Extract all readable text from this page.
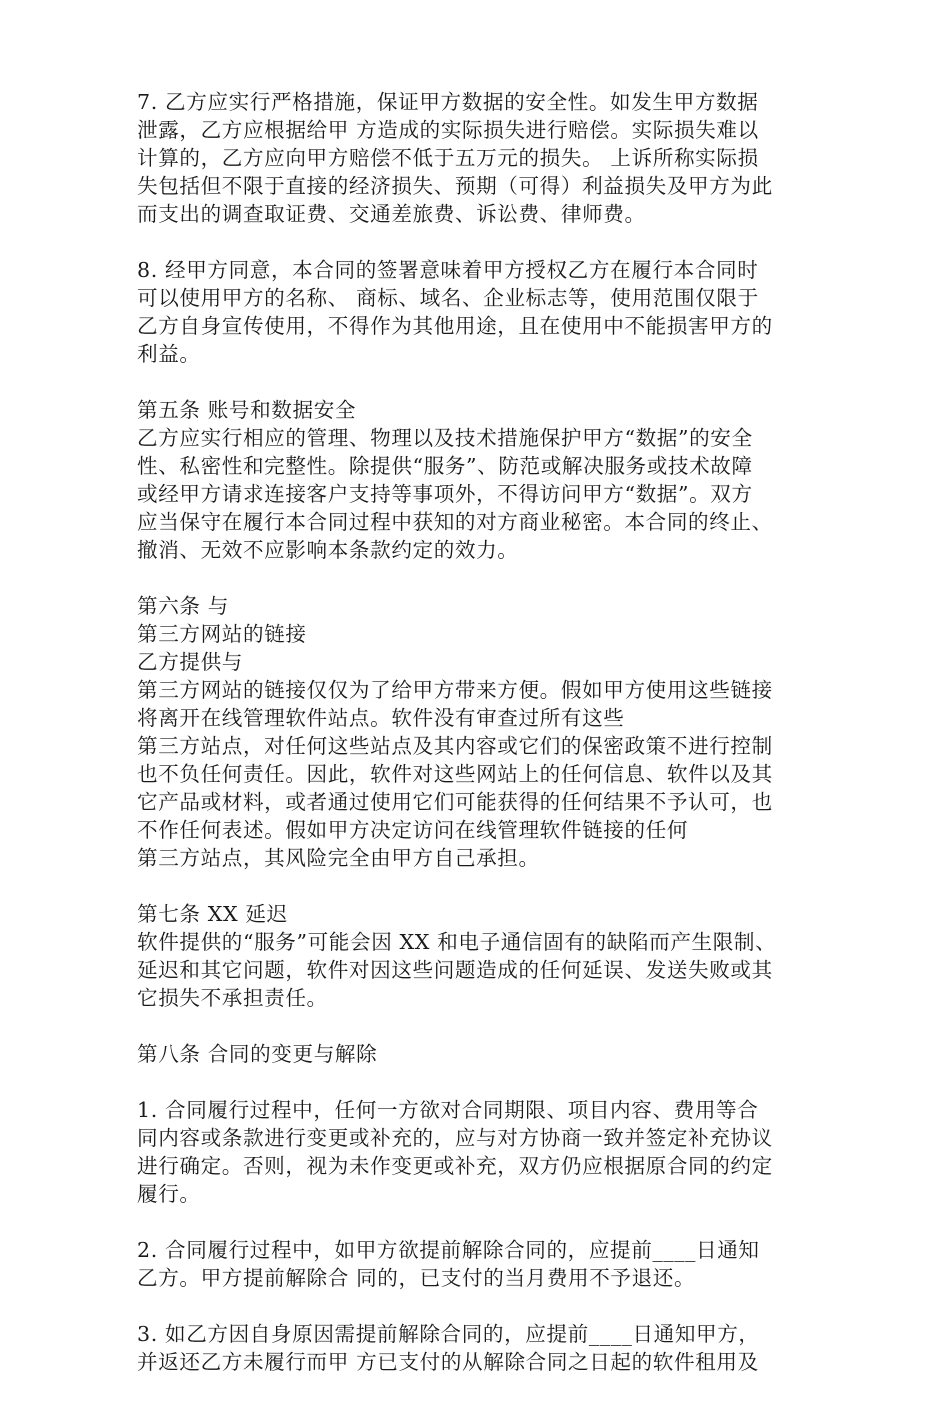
7. 乙方应实行严格措施，保证甲方数据的安全性。如发生甲方数据
泄露，乙方应根据给甲 方造成的实际损失进行赔偿。实际损失难以
计算的，乙方应向甲方赔偿不低于五万元的损失。 上诉所称实际损
失包括但不限于直接的经济损失、预期（可得）利益损失及甲方为此
而支出的调查取证费、交通差旅费、诉讼费、律师费。
8. 经甲方同意，本合同的签署意味着甲方授权乙方在履行本合同时
可以使用甲方的名称、 商标、域名、企业标志等，使用范围仅限于
乙方自身宣传使用，不得作为其他用途，且在使用中不能损害甲方的
利益。
第五条 账号和数据安全
乙方应实行相应的管理、物理以及技术措施保护甲方“数据”的安全
性、私密性和完整性。除提供“服务”、防范或解决服务或技术故障
或经甲方请求连接客户支持等事项外，不得访问甲方“数据”。双方
应当保守在履行本合同过程中获知的对方商业秘密。本合同的终止、
撤消、无效不应影响本条款约定的效力。
第六条 与
第三方网站的链接
乙方提供与
第三方网站的链接仅仅为了给甲方带来方便。假如甲方使用这些链接
将离开在线管理软件站点。软件没有审查过所有这些
第三方站点，对任何这些站点及其内容或它们的保密政策不进行控制
也不负任何责任。因此，软件对这些网站上的任何信息、软件以及其
它产品或材料，或者通过使用它们可能获得的任何结果不予认可，也
不作任何表述。假如甲方决定访问在线管理软件链接的任何
第三方站点，其风险完全由甲方自己承担。
第七条 XX 延迟
软件提供的“服务”可能会因 XX 和电子通信固有的缺陷而产生限制、
延迟和其它问题，软件对因这些问题造成的任何延误、发送失败或其
它损失不承担责任。
第八条 合同的变更与解除
1. 合同履行过程中，任何一方欲对合同期限、项目内容、费用等合
同内容或条款进行变更或补充的，应与对方协商一致并签定补充协议
进行确定。否则，视为未作变更或补充，双方仍应根据原合同的约定
履行。
2. 合同履行过程中，如甲方欲提前解除合同的，应提前____日通知
乙方。甲方提前解除合 同的，已支付的当月费用不予退还。
3. 如乙方因自身原因需提前解除合同的，应提前____日通知甲方，
并返还乙方未履行而甲 方已支付的从解除合同之日起的软件租用及
